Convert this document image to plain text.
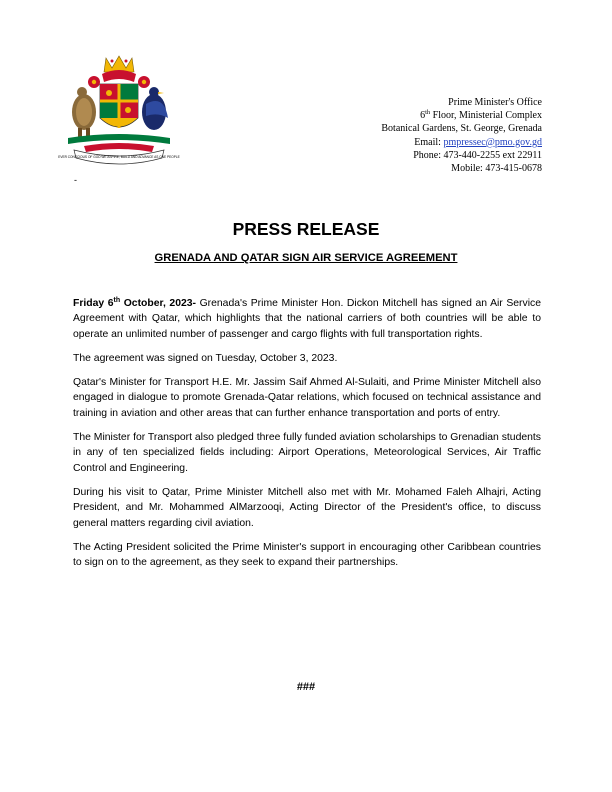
EVER CONSCIOUS OF GOD WE ASPIRE, BUILD AND ADVANCE AS ONE PEOPLE
-
Prime Minister's Office
6th Floor, Ministerial Complex
Botanical Gardens, St. George, Grenada
Email: pmpressec@pmo.gov.gd
Phone: 473-440-2255 ext 22911
Mobile: 473-415-0678
PRESS RELEASE
GRENADA AND QATAR SIGN AIR SERVICE AGREEMENT

Friday 6th October, 2023- Grenada's Prime Minister Hon. Dickon Mitchell has signed an Air Service Agreement with Qatar, which highlights that the national carriers of both countries will be able to operate an unlimited number of passenger and cargo flights with full transportation rights.

The agreement was signed on Tuesday, October 3, 2023.

Qatar's Minister for Transport H.E. Mr. Jassim Saif Ahmed Al-Sulaiti, and Prime Minister Mitchell also engaged in dialogue to promote Grenada-Qatar relations, which focused on technical assistance and training in aviation and other areas that can further enhance transportation and ports of entry.

The Minister for Transport also pledged three fully funded aviation scholarships to Grenadian students in any of ten specialized fields including: Airport Operations, Meteorological Services, Air Traffic Control and Engineering.

During his visit to Qatar, Prime Minister Mitchell also met with Mr. Mohamed Faleh Alhajri, Acting President, and Mr. Mohammed AlMarzooqi, Acting Director of the President's office, to discuss general matters regarding civil aviation.

The Acting President solicited the Prime Minister's support in encouraging other Caribbean countries to sign on to the agreement, as they seek to expand their partnerships.

###
